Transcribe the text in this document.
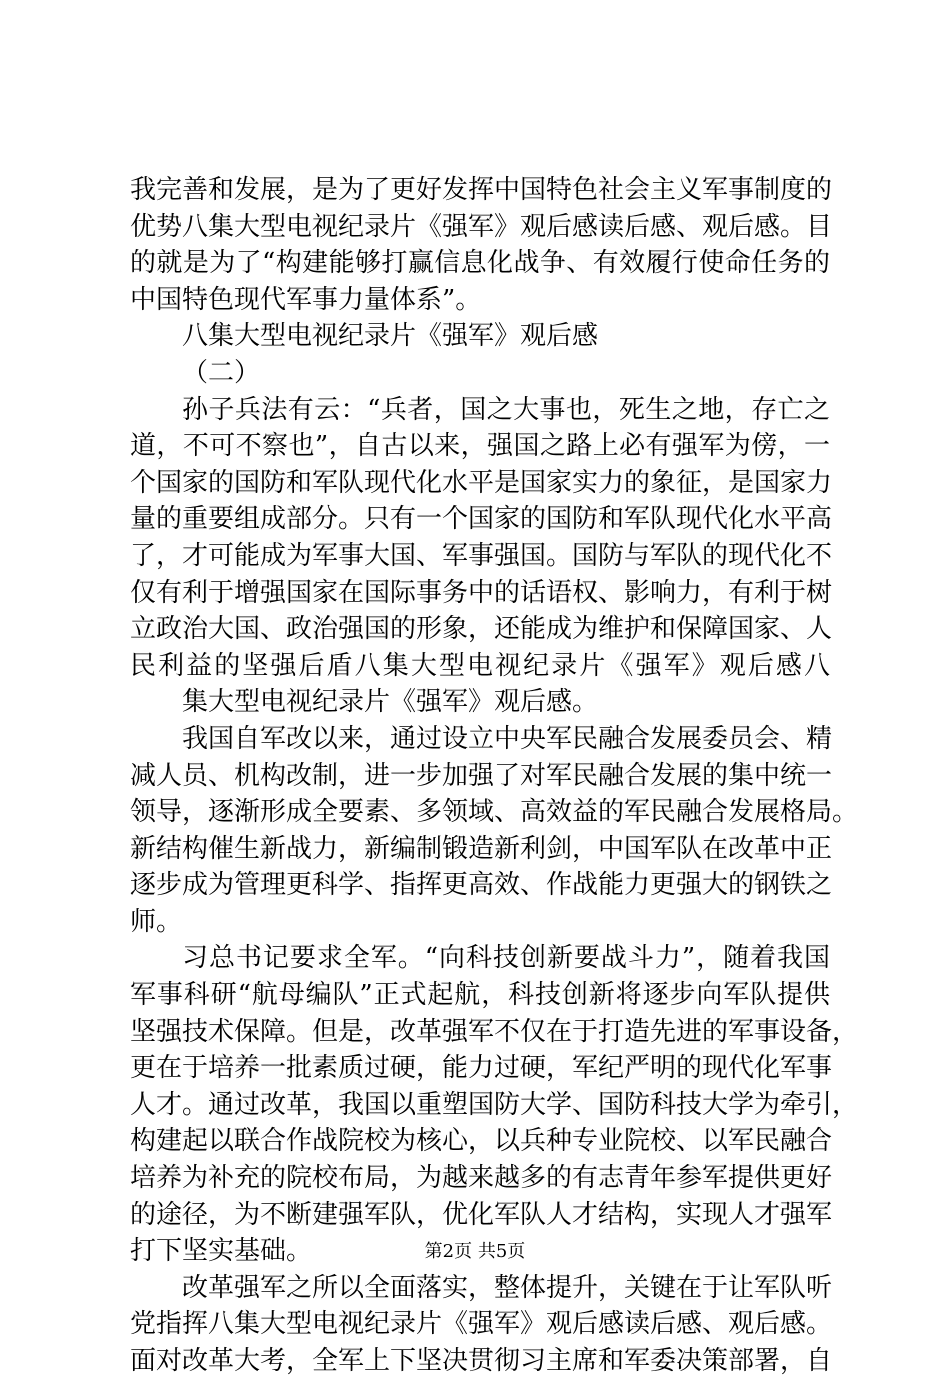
我完善和发展，是为了更好发挥中国特色社会主义军事制度的
优势八集大型电视纪录片《强军》观后感读后感、观后感。目
的就是为了“构建能够打赢信息化战争、有效履行使命任务的
中国特色现代军事力量体系”。
八集大型电视纪录片《强军》观后感
（二）
孙子兵法有云：“兵者，国之大事也，死生之地，存亡之
道，不可不察也”，自古以来，强国之路上必有强军为傍，一
个国家的国防和军队现代化水平是国家实力的象征，是国家力
量的重要组成部分。只有一个国家的国防和军队现代化水平高
了，才可能成为军事大国、军事强国。国防与军队的现代化不
仅有利于增强国家在国际事务中的话语权、影响力，有利于树
立政治大国、政治强国的形象，还能成为维护和保障国家、人
民利益的坚强后盾八集大型电视纪录片《强军》观后感八
集大型电视纪录片《强军》观后感。
我国自军改以来，通过设立中央军民融合发展委员会、精
减人员、机构改制，进一步加强了对军民融合发展的集中统一
领导，逐渐形成全要素、多领域、高效益的军民融合发展格局。
新结构催生新战力，新编制锻造新利剑，中国军队在改革中正
逐步成为管理更科学、指挥更高效、作战能力更强大的钢铁之
师。
习总书记要求全军。“向科技创新要战斗力”，随着我国
军事科研“航母编队”正式起航，科技创新将逐步向军队提供
坚强技术保障。但是，改革强军不仅在于打造先进的军事设备，
更在于培养一批素质过硬，能力过硬，军纪严明的现代化军事
人才。通过改革，我国以重塑国防大学、国防科技大学为牵引，
构建起以联合作战院校为核心，以兵种专业院校、以军民融合
培养为补充的院校布局，为越来越多的有志青年参军提供更好
的途径，为不断建强军队，优化军队人才结构，实现人才强军
打下坚实基础。
改革强军之所以全面落实，整体提升，关键在于让军队听
党指挥八集大型电视纪录片《强军》观后感读后感、观后感。
面对改革大考，全军上下坚决贯彻习主席和军委决策部署，自
第2页 共5页
